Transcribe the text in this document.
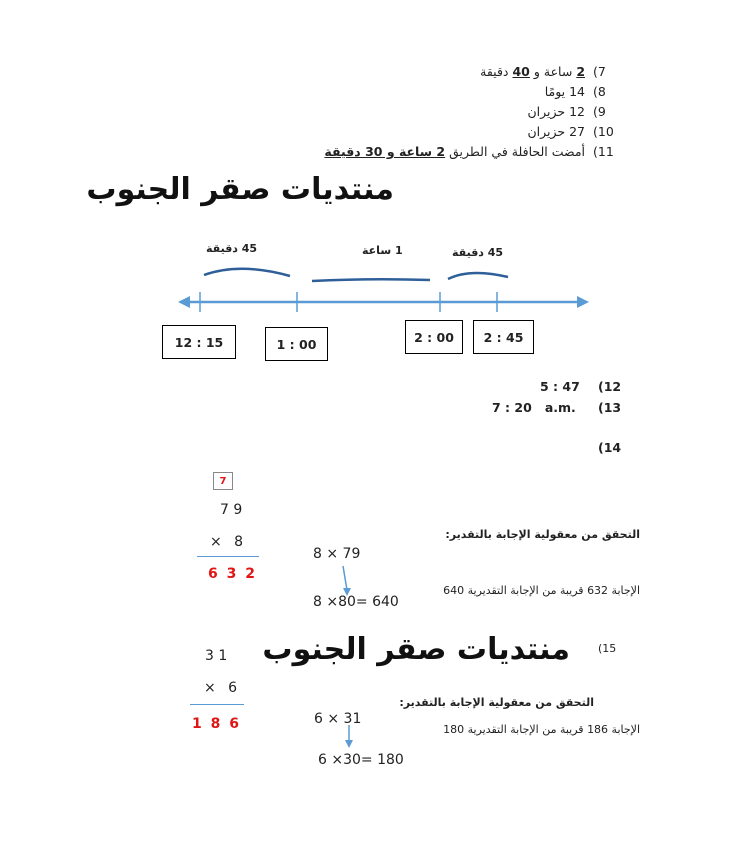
7) 2 ساعة و 40 دقيقة
8) 14 يومًا
9) 12 حزيران
10) 27 حزيران
11) أمضت الحافلة في الطريق 2 ساعة و 30 دقيقة
منتديات صقر الجنوب
45 دقيقة	1 ساعة	45 دقيقة
12 : 15	1 : 00	2 : 00	2 : 45
(12
5 : 47
(13
7 : 20   a.m.
(14
7
7 9
× 8
6 3 2
التحقق من معقولية الإجابة بالتقدير:
8 × 79
8 ×80= 640
الإجابة 632 قريبة من الإجابة التقديرية 640
منتديات صقر الجنوب	(15
3 1
× 6
1 8 6
التحقق من معقولية الإجابة بالتقدير:
6 × 31
6 ×30= 180
الإجابة 186 قريبة من الإجابة التقديرية 180
